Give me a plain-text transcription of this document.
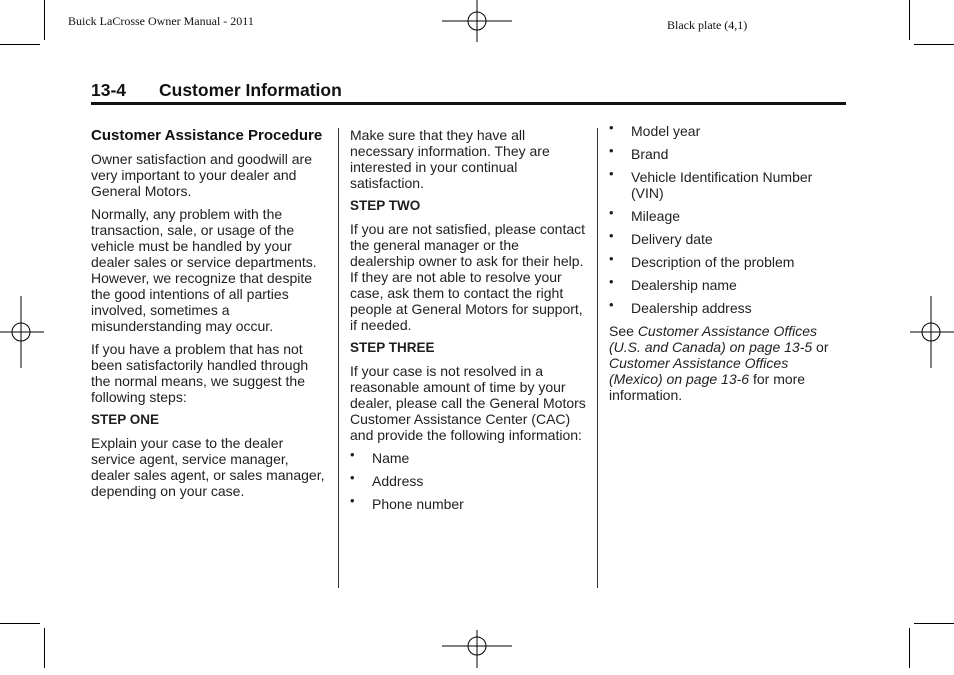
Buick LaCrosse Owner Manual - 2011	Black plate (4,1)
13-4 Customer Information
Customer Assistance Procedure

Owner satisfaction and goodwill are very important to your dealer and General Motors.

Normally, any problem with the transaction, sale, or usage of the vehicle must be handled by your dealer sales or service departments. However, we recognize that despite the good intentions of all parties involved, sometimes a misunderstanding may occur.

If you have a problem that has not been satisfactorily handled through the normal means, we suggest the following steps:

STEP ONE

Explain your case to the dealer service agent, service manager, dealer sales agent, or sales manager, depending on your case.

Make sure that they have all necessary information. They are interested in your continual satisfaction.

STEP TWO

If you are not satisfied, please contact the general manager or the dealership owner to ask for their help. If they are not able to resolve your case, ask them to contact the right people at General Motors for support, if needed.

STEP THREE

If your case is not resolved in a reasonable amount of time by your dealer, please call the General Motors Customer Assistance Center (CAC) and provide the following information:

• Name
• Address
• Phone number
• Model year
• Brand
• Vehicle Identification Number (VIN)
• Mileage
• Delivery date
• Description of the problem
• Dealership name
• Dealership address

See Customer Assistance Offices (U.S. and Canada) on page 13-5 or Customer Assistance Offices (Mexico) on page 13-6 for more information.
